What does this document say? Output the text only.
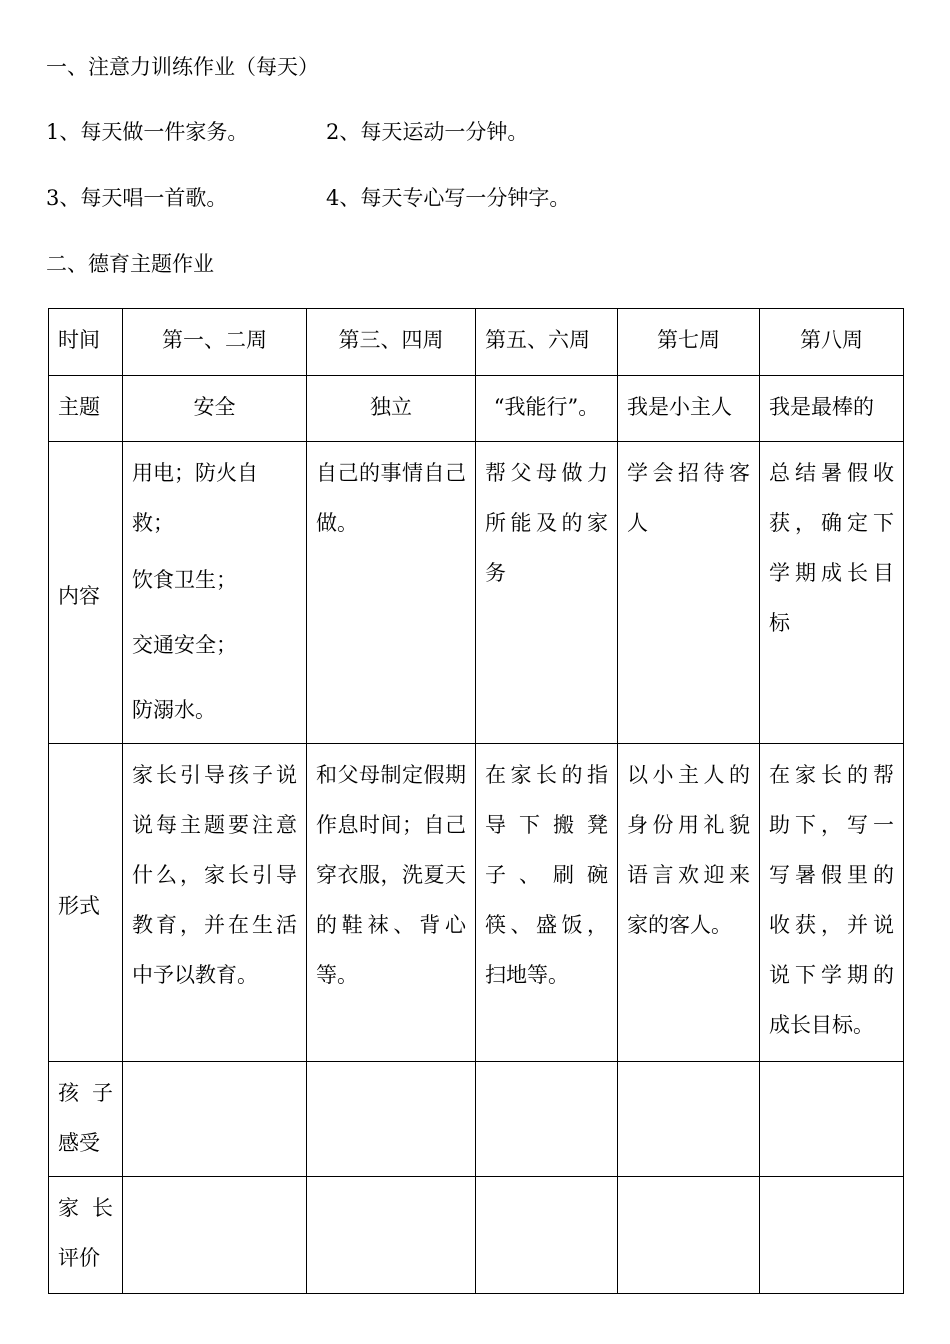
一、注意力训练作业（每天）
1、每天做一件家务。	2、每天运动一分钟。
3、每天唱一首歌。	4、每天专心写一分钟字。
二、德育主题作业
时间	第一、二周	第三、四周	第五、六周	第七周	第八周
主题	安全	独立	“我能行”。	我是小主人	我是最棒的
内容	用电；防火自救；
饮食卫生；
交通安全；
防溺水。	自己的事情自己做。	帮父母做力所能及的家务	学会招待客人	总结暑假收获，确定下学期成长目标

形式	家长引导孩子说说每主题要注意什么，家长引导教育，并在生活中予以教育。	和父母制定假期作息时间；自己穿衣服，洗夏天的鞋袜、背心等。	在家长的指导下搬凳子、刷碗筷、盛饭，扫地等。	以小主人的身份用礼貌语言欢迎来家的客人。	在家长的帮助下，写一写暑假里的收获，并说说下学期的成长目标。

孩 子感受					

家 长评价					
